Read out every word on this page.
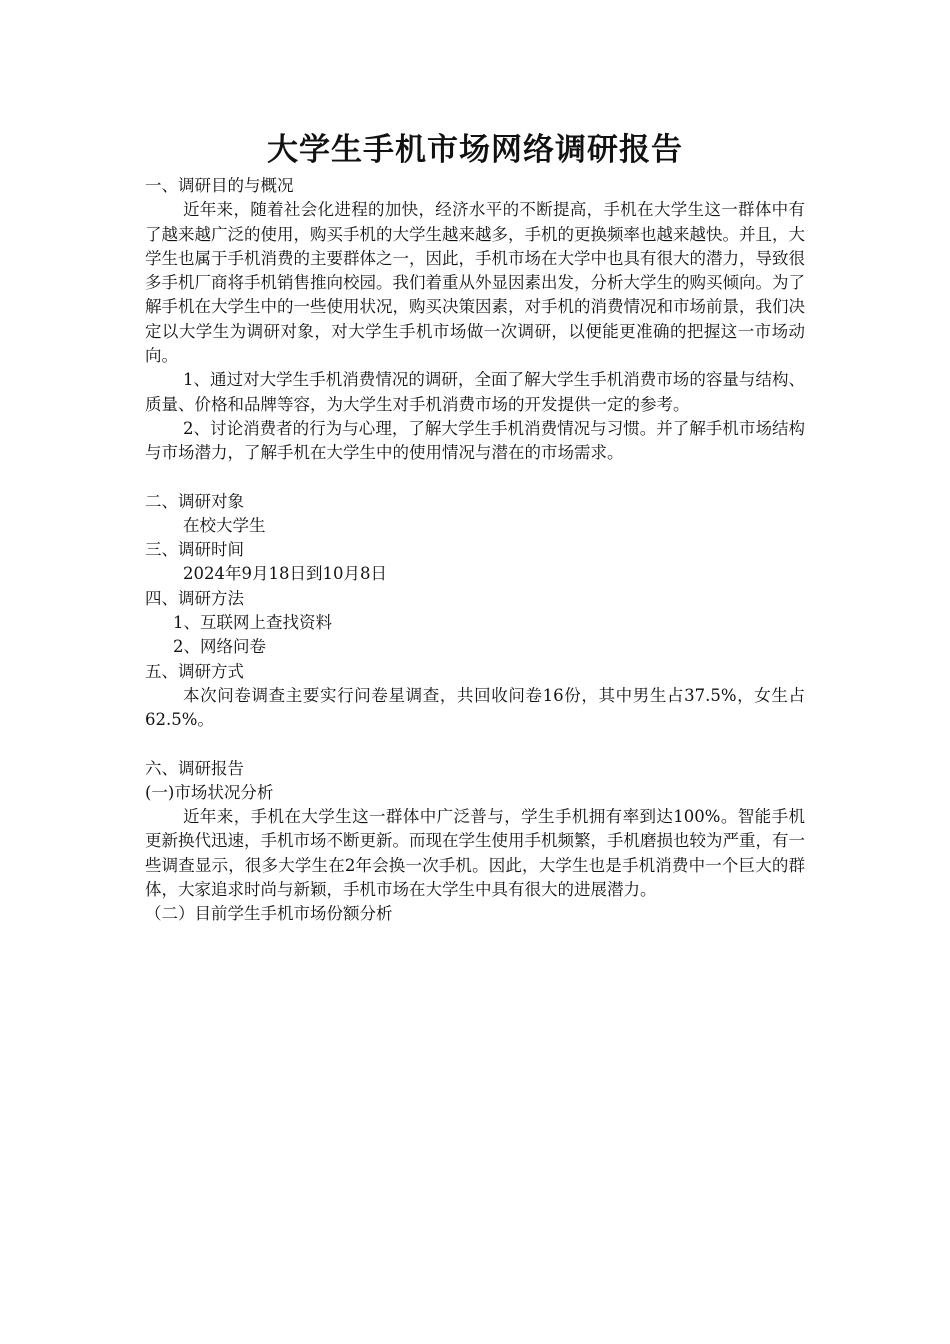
大学生手机市场网络调研报告

一、调研目的与概况

近年来，随着社会化进程的加快，经济水平的不断提高，手机在大学生这一群体中有了越来越广泛的使用，购买手机的大学生越来越多，手机的更换频率也越来越快。并且，大学生也属于手机消费的主要群体之一，因此，手机市场在大学中也具有很大的潜力，导致很多手机厂商将手机销售推向校园。我们着重从外显因素出发，分析大学生的购买倾向。为了解手机在大学生中的一些使用状况，购买决策因素，对手机的消费情况和市场前景，我们决定以大学生为调研对象，对大学生手机市场做一次调研，以便能更准确的把握这一市场动向。

1、通过对大学生手机消费情况的调研，全面了解大学生手机消费市场的容量与结构、质量、价格和品牌等容，为大学生对手机消费市场的开发提供一定的参考。

2、讨论消费者的行为与心理，了解大学生手机消费情况与习惯。并了解手机市场结构与市场潜力，了解手机在大学生中的使用情况与潜在的市场需求。

二、调研对象

在校大学生

三、调研时间

2024年9月18日到10月8日

四、调研方法

1、互联网上查找资料

2、网络问卷

五、调研方式

本次问卷调查主要实行问卷星调查，共回收问卷16份，其中男生占37.5%，女生占62.5%。

六、调研报告

(一)市场状况分析

近年来，手机在大学生这一群体中广泛普与，学生手机拥有率到达100%。智能手机更新换代迅速，手机市场不断更新。而现在学生使用手机频繁，手机磨损也较为严重，有一些调查显示，很多大学生在2年会换一次手机。因此，大学生也是手机消费中一个巨大的群体，大家追求时尚与新颖，手机市场在大学生中具有很大的进展潜力。

（二）目前学生手机市场份额分析
